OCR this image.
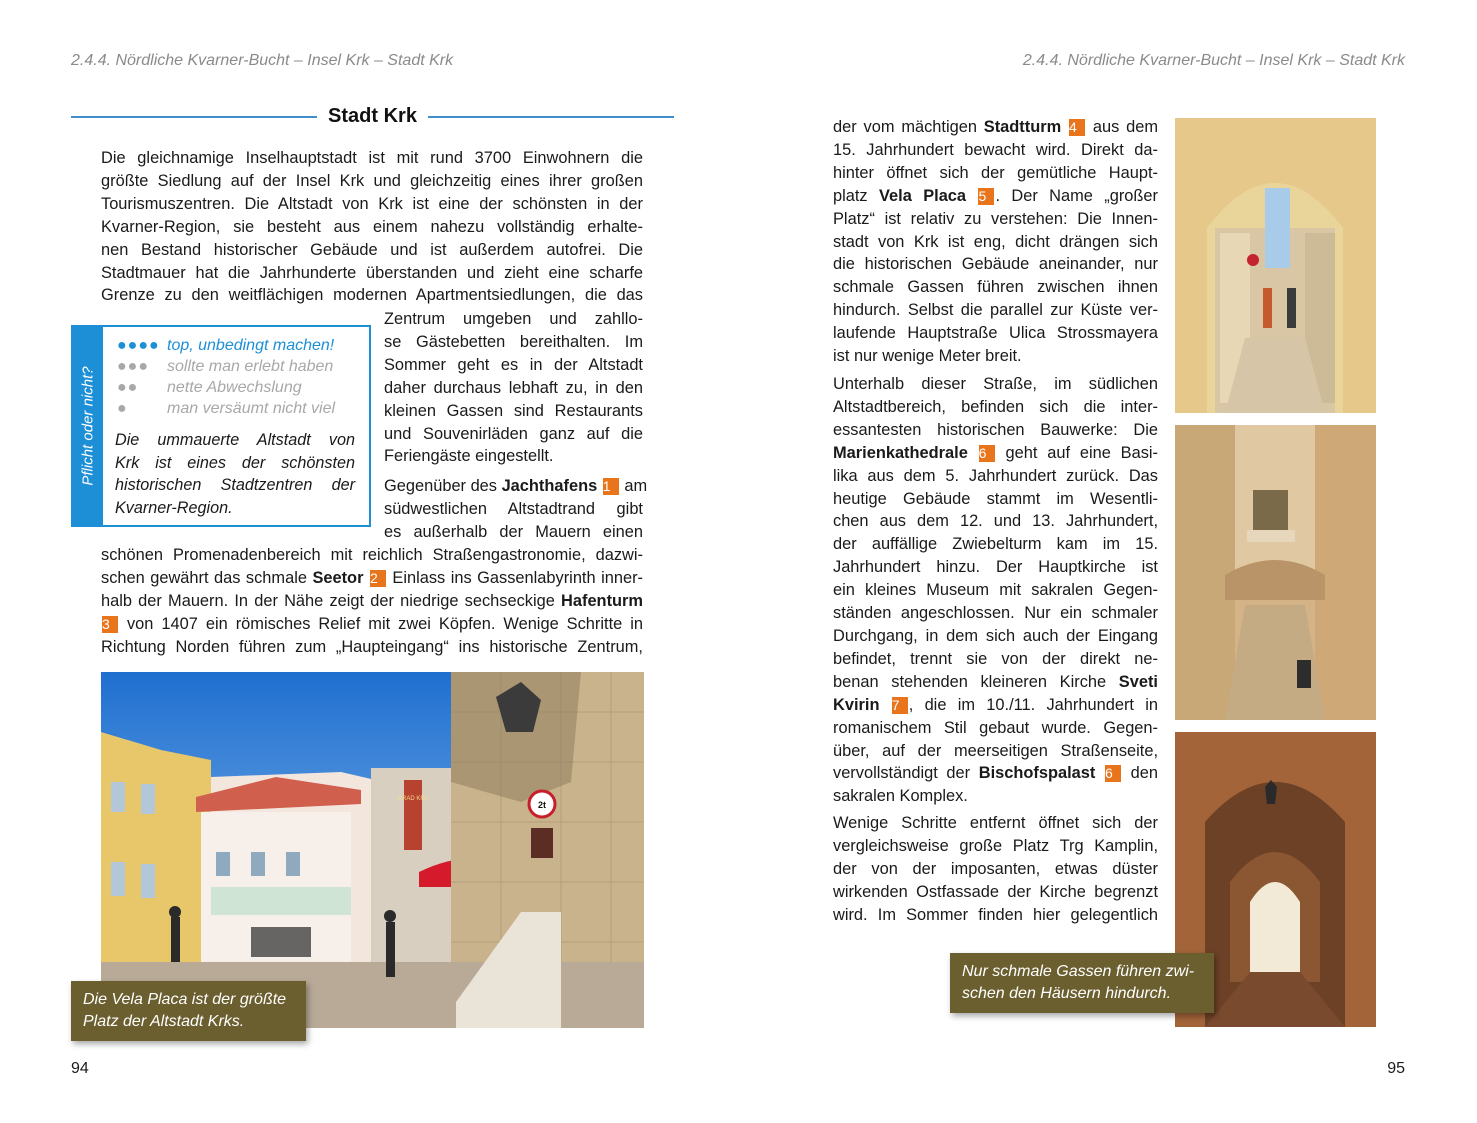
2.4.4. Nördliche Kvarner-Bucht – Insel Krk – Stadt Krk
Stadt Krk
Die gleichnamige Inselhauptstadt ist mit rund 3700 Einwohnern die
größte Siedlung auf der Insel Krk und gleichzeitig eines ihrer großen
Tourismuszentren. Die Altstadt von Krk ist eine der schönsten in der
Kvarner-Region, sie besteht aus einem nahezu vollständig erhalte-
nen Bestand historischer Gebäude und ist außerdem autofrei. Die
Stadtmauer hat die Jahrhunderte überstanden und zieht eine scharfe
Grenze zu den weitflächigen modernen Apartmentsiedlungen, die das
Zentrum umgeben und zahllo-
se Gästebetten bereithalten. Im
Sommer geht es in der Altstadt
daher durchaus lebhaft zu, in den
kleinen Gassen sind Restaurants
und Souvenirläden ganz auf die
Feriengäste eingestellt.
Gegenüber des Jachthafens 1 am
südwestlichen Altstadtrand gibt
es außerhalb der Mauern einen
schönen Promenadenbereich mit reichlich Straßengastronomie, dazwi-
schen gewährt das schmale Seetor 2 Einlass ins Gassenlabyrinth inner-
halb der Mauern. In der Nähe zeigt der niedrige sechseckige Hafenturm
3 von 1407 ein römisches Relief mit zwei Köpfen. Wenige Schritte in
Richtung Norden führen zum „Haupteingang“ ins historische Zentrum,
Pflicht oder nicht?
●●●● top, unbedingt machen!
●●● sollte man erlebt haben
●● nette Abwechslung
● man versäumt nicht viel
Die ummauerte Altstadt von
Krk ist eines der schönsten
historischen Stadtzentren der
Kvarner-Region.
GRAD KRK
2t
Die Vela Placa ist der größte
Platz der Altstadt Krks.
94
2.4.4. Nördliche Kvarner-Bucht – Insel Krk – Stadt Krk
der vom mächtigen Stadtturm 4 aus dem
15. Jahrhundert bewacht wird. Direkt da-
hinter öffnet sich der gemütliche Haupt-
platz Vela Placa 5 . Der Name „großer
Platz“ ist relativ zu verstehen: Die Innen-
stadt von Krk ist eng, dicht drängen sich
die historischen Gebäude aneinander, nur
schmale Gassen führen zwischen ihnen
hindurch. Selbst die parallel zur Küste ver-
laufende Hauptstraße Ulica Strossmayera
ist nur wenige Meter breit.
Unterhalb dieser Straße, im südlichen
Altstadtbereich, befinden sich die inter-
essantesten historischen Bauwerke: Die
Marienkathedrale 6 geht auf eine Basi-
lika aus dem 5. Jahrhundert zurück. Das
heutige Gebäude stammt im Wesentli-
chen aus dem 12. und 13. Jahrhundert,
der auffällige Zwiebelturm kam im 15.
Jahrhundert hinzu. Der Hauptkirche ist
ein kleines Museum mit sakralen Gegen-
ständen angeschlossen. Nur ein schmaler
Durchgang, in dem sich auch der Eingang
befindet, trennt sie von der direkt ne-
benan stehenden kleineren Kirche Sveti
Kvirin 7 , die im 10./11. Jahrhundert in
romanischem Stil gebaut wurde. Gegen-
über, auf der meerseitigen Straßenseite,
vervollständigt der Bischofspalast 6 den
sakralen Komplex.
Wenige Schritte entfernt öffnet sich der
vergleichsweise große Platz Trg Kamplin,
der von der imposanten, etwas düster
wirkenden Ostfassade der Kirche begrenzt
wird. Im Sommer finden hier gelegentlich
Nur schmale Gassen führen zwi-
schen den Häusern hindurch.
95
